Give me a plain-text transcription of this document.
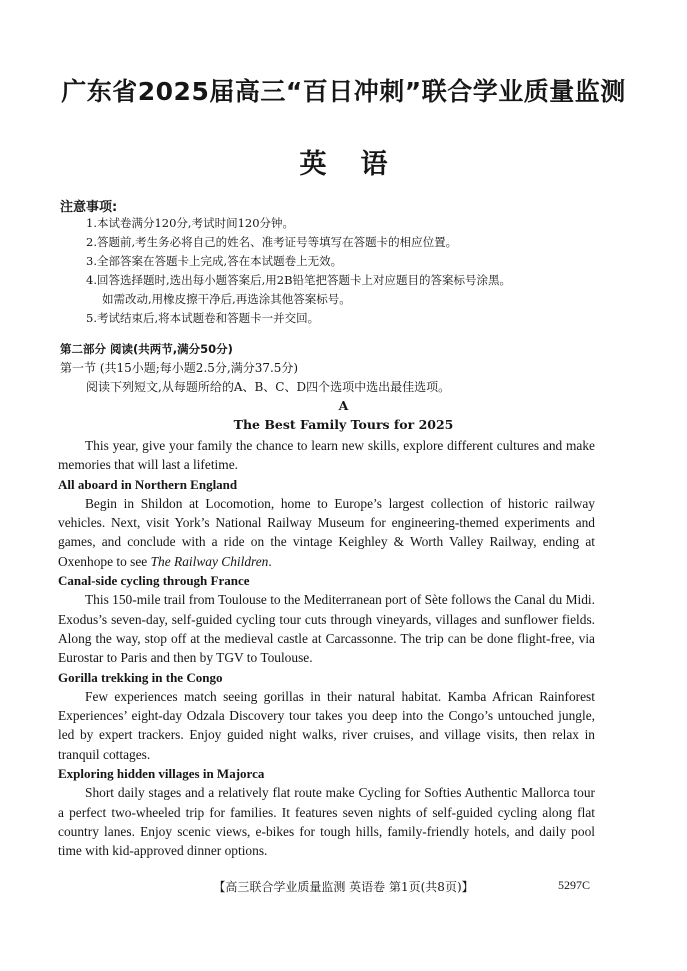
广东省2025届高三“百日冲刺”联合学业质量监测
英语
注意事项:
1.本试卷满分120分,考试时间120分钟。
2.答题前,考生务必将自己的姓名、准考证号等填写在答题卡的相应位置。
3.全部答案在答题卡上完成,答在本试题卷上无效。
4.回答选择题时,选出每小题答案后,用2B铅笔把答题卡上对应题目的答案标号涂黑。
如需改动,用橡皮擦干净后,再选涂其他答案标号。
5.考试结束后,将本试题卷和答题卡一并交回。
第二部分 阅读(共两节,满分50分)
第一节 (共15小题;每小题2.5分,满分37.5分)
阅读下列短文,从每题所给的A、B、C、D四个选项中选出最佳选项。
A
The Best Family Tours for 2025

This year, give your family the chance to learn new skills, explore different cultures and make memories that will last a lifetime.

All aboard in Northern England

Begin in Shildon at Locomotion, home to Europe’s largest collection of historic railway vehicles. Next, visit York’s National Railway Museum for engineering-themed experiments and games, and conclude with a ride on the vintage Keighley & Worth Valley Railway, ending at Oxenhope to see The Railway Children.

Canal-side cycling through France

This 150-mile trail from Toulouse to the Mediterranean port of Sète follows the Canal du Midi. Exodus’s seven-day, self-guided cycling tour cuts through vineyards, villages and sunflower fields. Along the way, stop off at the medieval castle at Carcassonne. The trip can be done flight-free, via Eurostar to Paris and then by TGV to Toulouse.

Gorilla trekking in the Congo

Few experiences match seeing gorillas in their natural habitat. Kamba African Rainforest Experiences’ eight-day Odzala Discovery tour takes you deep into the Congo’s untouched jungle, led by expert trackers. Enjoy guided night walks, river cruises, and village visits, then relax in tranquil cottages.

Exploring hidden villages in Majorca

Short daily stages and a relatively flat route make Cycling for Softies Authentic Mallorca tour a perfect two-wheeled trip for families. It features seven nights of self-guided cycling along flat country lanes. Enjoy scenic views, e-bikes for tough hills, family-friendly hotels, and daily pool time with kid-approved dinner options.

【高三联合学业质量监测 英语卷 第1页(共8页)】	5297C
